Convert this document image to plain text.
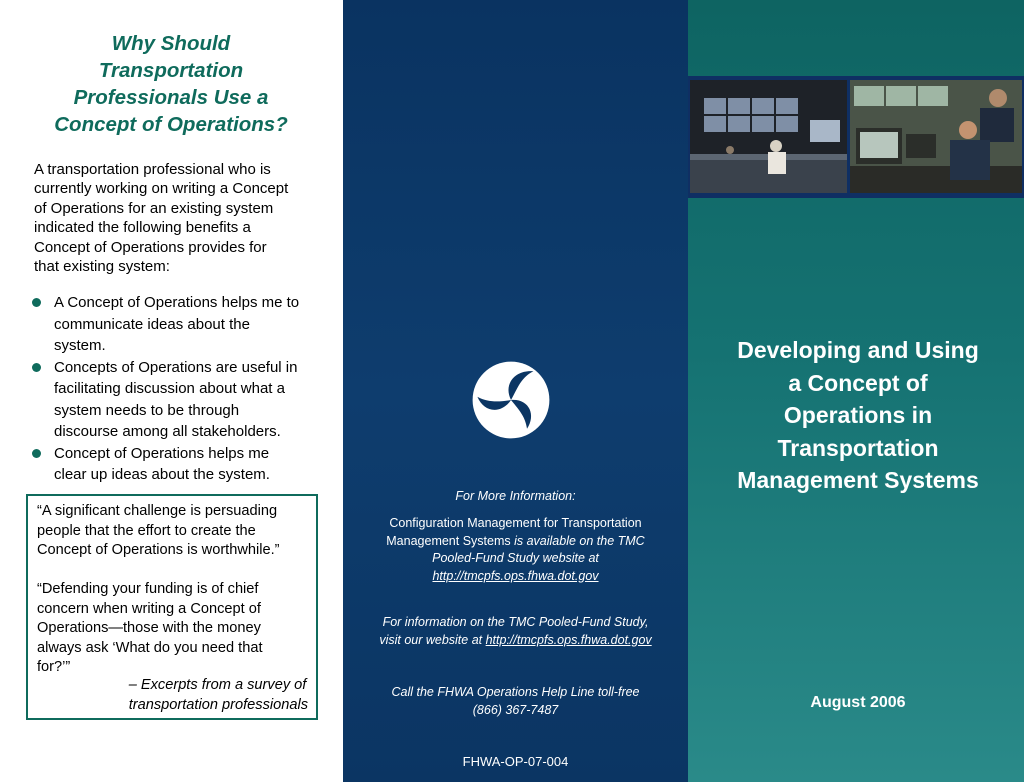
Why Should
Transportation
Professionals Use a
Concept of Operations?
A transportation professional who is
currently working on writing a Concept
of Operations for an existing system
indicated the following benefits a
Concept of Operations provides for
that existing system:
A Concept of Operations helps me to
communicate ideas about the
system.
Concepts of Operations are useful in
facilitating discussion about what a
system needs to be through
discourse among all stakeholders.
Concept of Operations helps me
clear up ideas about the system.
“A significant challenge is persuading
people that the effort to create the
Concept of Operations is worthwhile.”
“Defending your funding is of chief
concern when writing a Concept of
Operations—those with the money
always ask ‘What do you need that
for?’”
– Excerpts from a survey of
transportation professionals
For More Information:
Configuration Management for Transportation
Management Systems is available on the TMC
Pooled-Fund Study website at
http://tmcpfs.ops.fhwa.dot.gov
For information on the TMC Pooled-Fund Study,
visit our website at http://tmcpfs.ops.fhwa.dot.gov
Call the FHWA Operations Help Line toll-free
(866) 367-7487
FHWA-OP-07-004
Developing and Using
a Concept of
Operations in
Transportation
Management Systems
August 2006
